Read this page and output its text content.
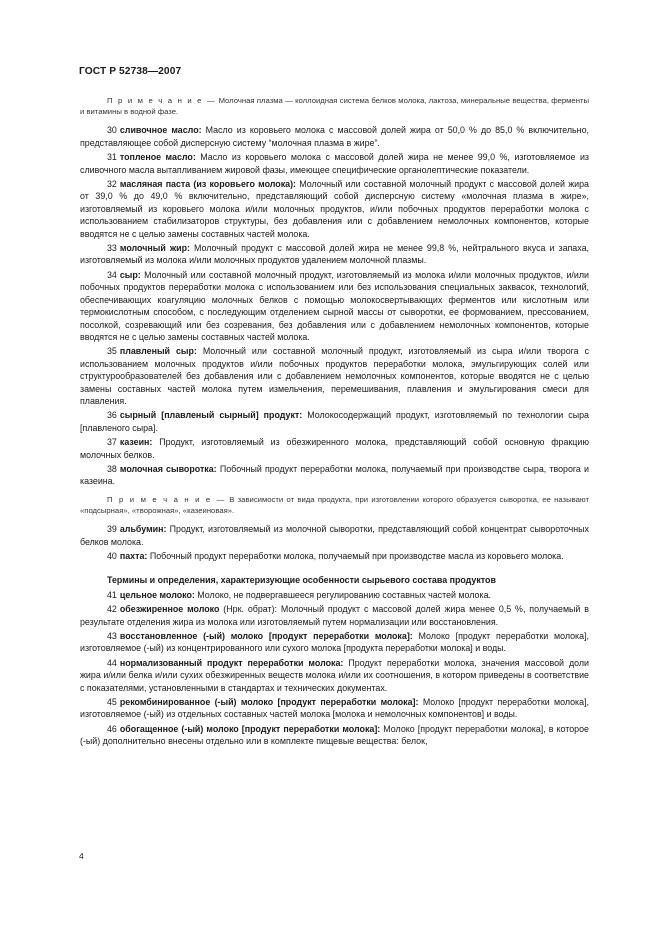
ГОСТ Р 52738—2007

П р и м е ч а н и е — Молочная плазма — коллоидная система белков молока, лактоза, минеральные вещества, ферменты и витамины в водной фазе.

30 сливочное масло: Масло из коровьего молока с массовой долей жира от 50,0 % до 85,0 % включительно, представляющее собой дисперсную систему “молочная плазма в жире”.

31 топленое масло: Масло из коровьего молока с массовой долей жира не менее 99,0 %, изготовляемое из сливочного масла вытапливанием жировой фазы, имеющее специфические органолептические показатели.

32 масляная паста (из коровьего молока): Молочный или составной молочный продукт с массовой долей жира от 39,0 % до 49,0 % включительно, представляющий собой дисперсную систему «молочная плазма в жире», изготовляемый из коровьего молока и/или молочных продуктов, и/или побочных продуктов переработки молока с использованием стабилизаторов структуры, без добавления или с добавлением немолочных компонентов, которые вводятся не с целью замены составных частей молока.

33 молочный жир: Молочный продукт с массовой долей жира не менее 99,8 %, нейтрального вкуса и запаха, изготовляемый из молока и/или молочных продуктов удалением молочной плазмы.

34 сыр: Молочный или составной молочный продукт, изготовляемый из молока и/или молочных продуктов, и/или побочных продуктов переработки молока с использованием или без использования специальных заквасок, технологий, обеспечивающих коагуляцию молочных белков с помощью молокосвертывающих ферментов или кислотным или термокислотным способом, с последующим отделением сырной массы от сыворотки, ее формованием, прессованием, посолкой, созревающий или без созревания, без добавления или с добавлением немолочных компонентов, которые вводятся не с целью замены составных частей молока.

35 плавленый сыр: Молочный или составной молочный продукт, изготовляемый из сыра и/или творога с использованием молочных продуктов и/или побочных продуктов переработки молока, эмульгирующих солей или структурообразователей без добавления или с добавлением немолочных компонентов, которые вводятся не с целью замены составных частей молока путем измельчения, перемешивания, плавления и эмульгирования смеси для плавления.

36 сырный [плавленый сырный] продукт: Молокосодержащий продукт, изготовляемый по технологии сыра [плавленого сыра].

37 казеин: Продукт, изготовляемый из обезжиренного молока, представляющий собой основную фракцию молочных белков.

38 молочная сыворотка: Побочный продукт переработки молока, получаемый при производстве сыра, творога и казеина.

П р и м е ч а н и е — В зависимости от вида продукта, при изготовлении которого образуется сыворотка, ее называют «подсырная», «творожная», «казеиновая».

39 альбумин: Продукт, изготовляемый из молочной сыворотки, представляющий собой концентрат сывороточных белков молока.

40 пахта: Побочный продукт переработки молока, получаемый при производстве масла из коровьего молока.

Термины и определения, характеризующие особенности сырьевого состава продуктов

41 цельное молоко: Молоко, не подвергавшееся регулированию составных частей молока.

42 обезжиренное молоко (Нрк. обрат): Молочный продукт с массовой долей жира менее 0,5 %, получаемый в результате отделения жира из молока или изготовляемый путем нормализации или восстановления.

43 восстановленное (-ый) молоко [продукт переработки молока]: Молоко [продукт переработки молока], изготовляемое (-ый) из концентрированного или сухого молока [продукта переработки молока] и воды.

44 нормализованный продукт переработки молока: Продукт переработки молока, значения массовой доли жира и/или белка и/или сухих обезжиренных веществ молока и/или их соотношения, в котором приведены в соответствие с показателями, установленными в стандартах и технических документах.

45 рекомбинированное (-ый) молоко [продукт переработки молока]: Молоко [продукт переработки молока], изготовляемое (-ый) из отдельных составных частей молока [молока и немолочных компонентов] и воды.

46 обогащенное (-ый) молоко [продукт переработки молока]: Молоко [продукт переработки молока], в которое (-ый) дополнительно внесены отдельно или в комплекте пищевые вещества: белок,

4
